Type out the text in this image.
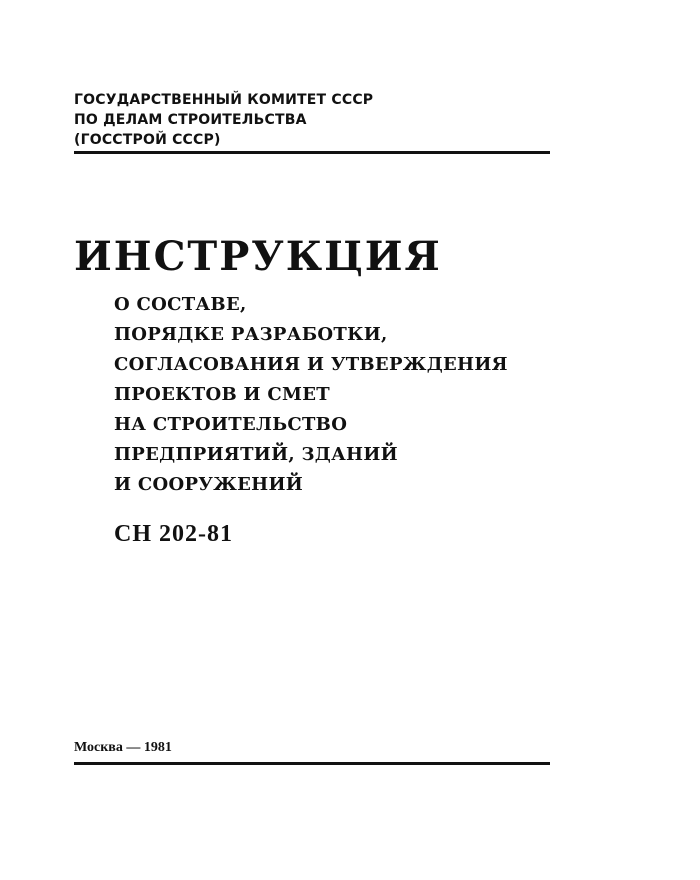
ГОСУДАРСТВЕННЫЙ КОМИТЕТ СССР
ПО ДЕЛАМ СТРОИТЕЛЬСТВА
(ГОССТРОЙ СССР)
ИНСТРУКЦИЯ
О СОСТАВЕ,
ПОРЯДКЕ РАЗРАБОТКИ,
СОГЛАСОВАНИЯ И УТВЕРЖДЕНИЯ
ПРОЕКТОВ И СМЕТ
НА СТРОИТЕЛЬСТВО
ПРЕДПРИЯТИЙ, ЗДАНИЙ
И СООРУЖЕНИЙ
СН 202-81
Москва — 1981
